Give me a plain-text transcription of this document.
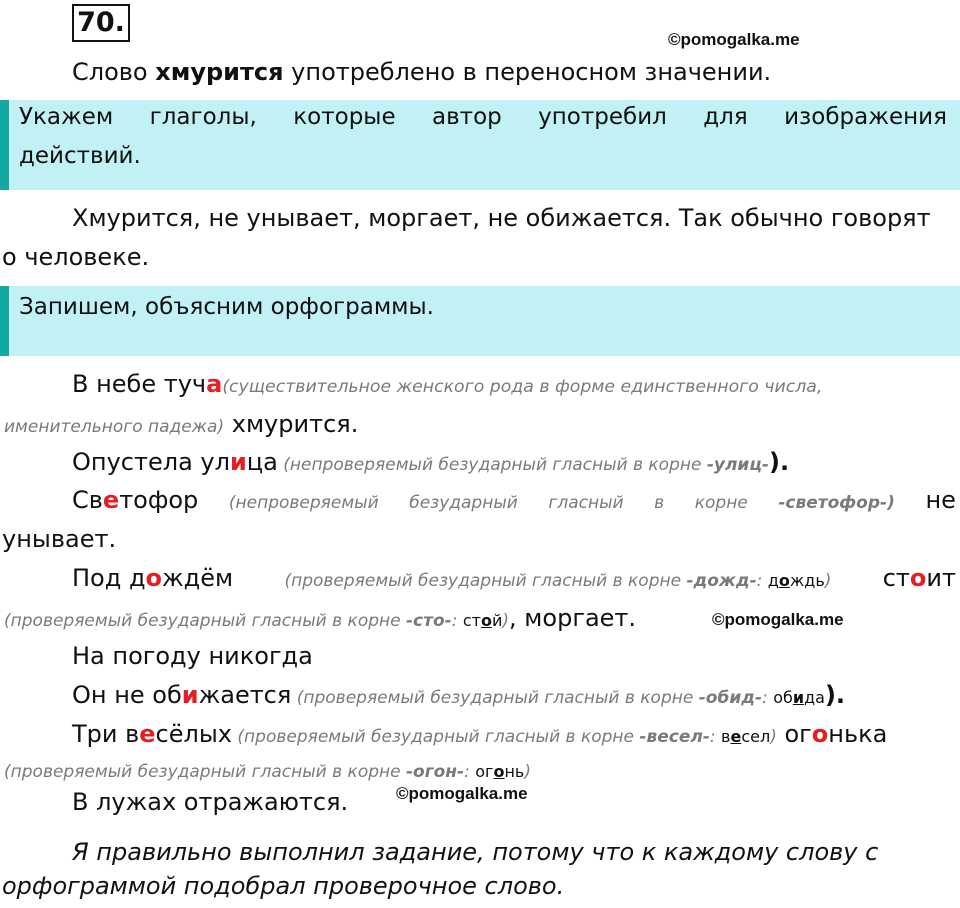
70.
©pomogalka.me
Слово хмурится употреблено в переносном значении.
Укажем глаголы, которые автор употребил для изображения
действий.
Хмурится, не унывает, моргает, не обижается. Так обычно говорят
о человеке.
Запишем, объясним орфограммы.
В небе туч а (существительное женского рода в форме единственного числа,
именительного падежа) хмурится.
Опустела улица (непроверяемый безударный гласный в корне -улиц-).
Светофор (непроверяемый безударный гласный в корне -светофор-) не
унывает.
Под дождём	(проверяемый безударный гласный в корне -дожд-: дождь) стоит
(проверяемый безударный гласный в корне -сто-: стой), моргает.	©pomogalka.me
На погоду никогда
Он не обижается (проверяемый безударный гласный в корне -обид-: обида).
Три весёлых (проверяемый безударный гласный в корне -весел-: весел) огонька
(проверяемый безударный гласный в корне -огон-: огонь)
В лужах отражаются.	©pomogalka.me
Я правильно выполнил задание, потому что к каждому слову с
орфограммой подобрал проверочное слово.
